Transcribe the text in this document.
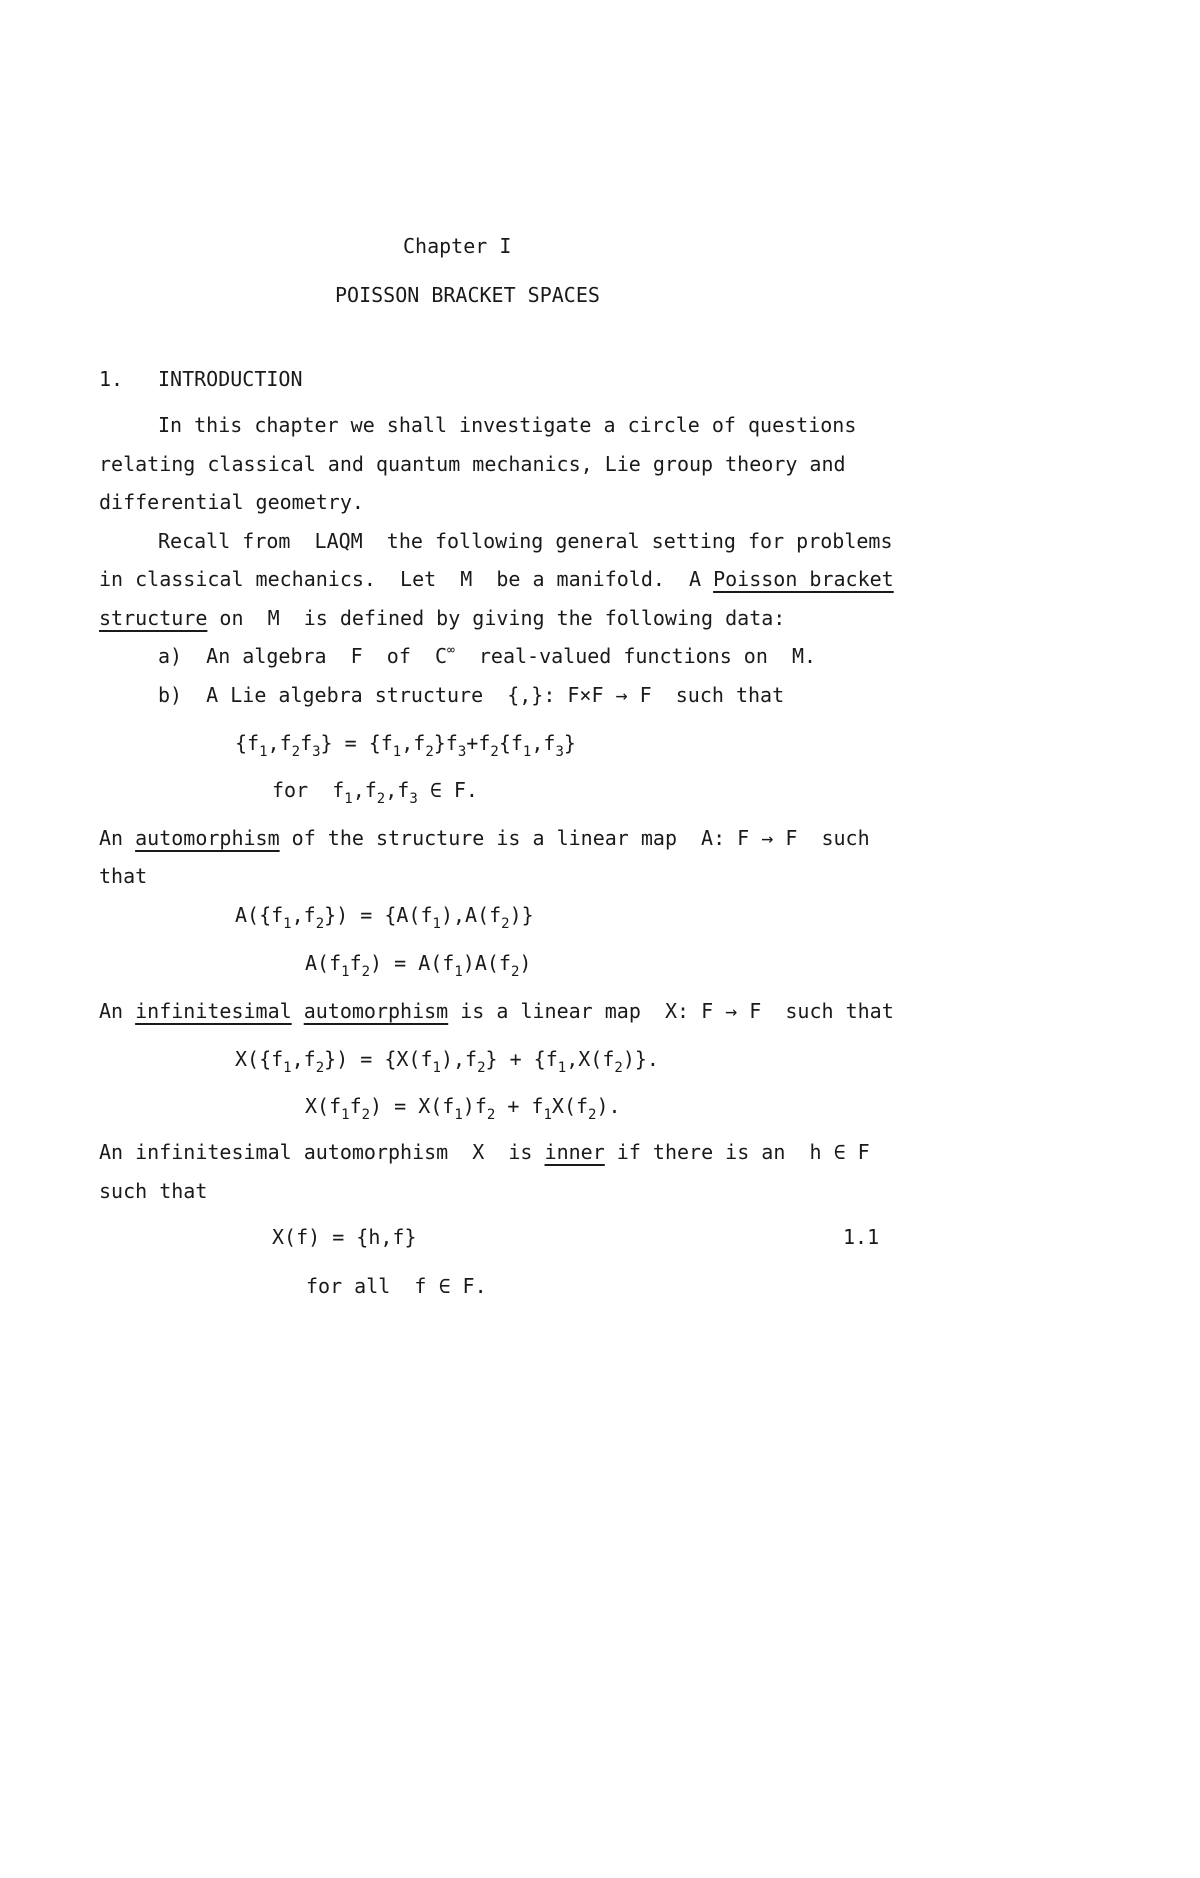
Chapter I
POISSON BRACKET SPACES
1. INTRODUCTION
In this chapter we shall investigate a circle of questions
relating classical and quantum mechanics, Lie group theory and
differential geometry.
Recall from  LAQM  the following general setting for problems
in classical mechanics.  Let  M  be a manifold.  A Poisson bracket
structure on  M  is defined by giving the following data:
a)  An algebra  F  of  C∞  real-valued functions on  M.
b)  A Lie algebra structure  {,}: F×F → F  such that
$\{f_1,f_2f_3\} = \{f_1,f_2\}f_3+f_2\{f_1,f_3\}$
for  $f_1,f_2,f_3$ ∈ F.
An automorphism of the structure is a linear map  A: F → F  such
that
$A(\{f_1,f_2\}) = \{A(f_1),A(f_2)\}$
$A(f_1f_2) = A(f_1)A(f_2)$
An infinitesimal automorphism is a linear map  X: F → F  such that
$X(\{f_1,f_2\}) = \{X(f_1),f_2\} + \{f_1,X(f_2)\}$.
$X(f_1f_2) = X(f_1)f_2 + f_1X(f_2)$.
An infinitesimal automorphism  X  is inner if there is an  h ∈ F
such that
X(f) = {h,f}	1.1
for all  f ∈ F.
